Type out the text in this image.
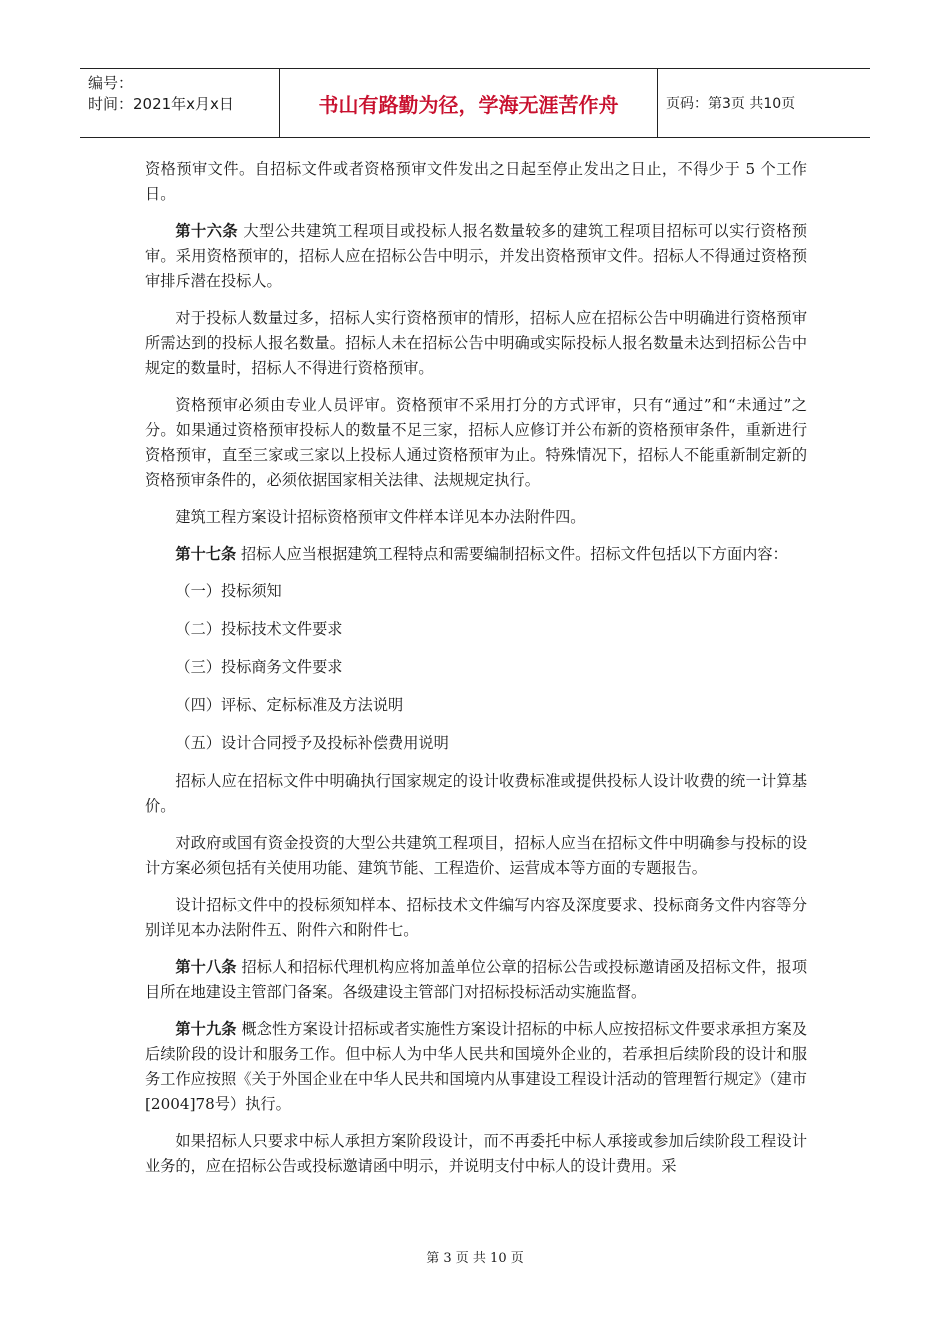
编号：
时间：2021年x月x日	书山有路勤为径，学海无涯苦作舟	页码：第3页 共10页

资格预审文件。自招标文件或者资格预审文件发出之日起至停止发出之日止，不得少于 5 个工作日。

第十六条 大型公共建筑工程项目或投标人报名数量较多的建筑工程项目招标可以实行资格预审。采用资格预审的，招标人应在招标公告中明示，并发出资格预审文件。招标人不得通过资格预审排斥潜在投标人。

对于投标人数量过多，招标人实行资格预审的情形，招标人应在招标公告中明确进行资格预审所需达到的投标人报名数量。招标人未在招标公告中明确或实际投标人报名数量未达到招标公告中规定的数量时，招标人不得进行资格预审。

资格预审必须由专业人员评审。资格预审不采用打分的方式评审，只有“通过”和“未通过”之分。如果通过资格预审投标人的数量不足三家，招标人应修订并公布新的资格预审条件，重新进行资格预审，直至三家或三家以上投标人通过资格预审为止。特殊情况下，招标人不能重新制定新的资格预审条件的，必须依据国家相关法律、法规规定执行。

建筑工程方案设计招标资格预审文件样本详见本办法附件四。

第十七条 招标人应当根据建筑工程特点和需要编制招标文件。招标文件包括以下方面内容：

（一）投标须知

（二）投标技术文件要求

（三）投标商务文件要求

（四）评标、定标标准及方法说明

（五）设计合同授予及投标补偿费用说明

招标人应在招标文件中明确执行国家规定的设计收费标准或提供投标人设计收费的统一计算基价。

对政府或国有资金投资的大型公共建筑工程项目，招标人应当在招标文件中明确参与投标的设计方案必须包括有关使用功能、建筑节能、工程造价、运营成本等方面的专题报告。

设计招标文件中的投标须知样本、招标技术文件编写内容及深度要求、投标商务文件内容等分别详见本办法附件五、附件六和附件七。

第十八条 招标人和招标代理机构应将加盖单位公章的招标公告或投标邀请函及招标文件，报项目所在地建设主管部门备案。各级建设主管部门对招标投标活动实施监督。

第十九条 概念性方案设计招标或者实施性方案设计招标的中标人应按招标文件要求承担方案及后续阶段的设计和服务工作。但中标人为中华人民共和国境外企业的，若承担后续阶段的设计和服务工作应按照《关于外国企业在中华人民共和国境内从事建设工程设计活动的管理暂行规定》（建市[2004]78号）执行。

如果招标人只要求中标人承担方案阶段设计，而不再委托中标人承接或参加后续阶段工程设计业务的，应在招标公告或投标邀请函中明示，并说明支付中标人的设计费用。采

第 3 页 共 10 页
